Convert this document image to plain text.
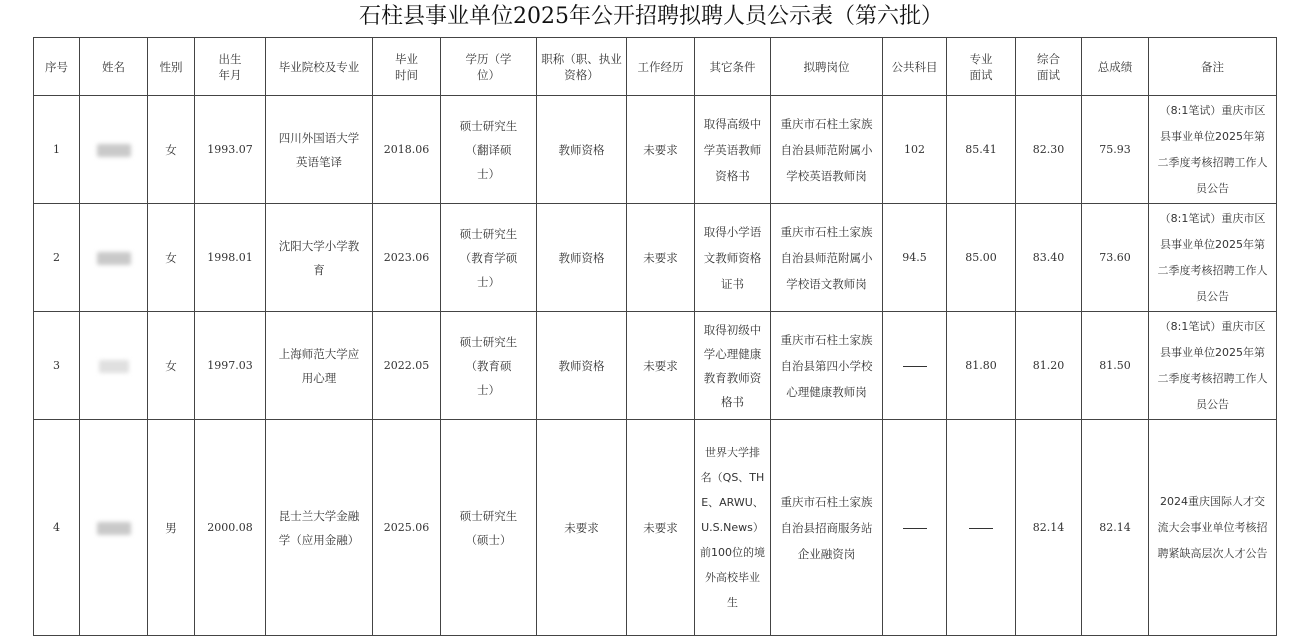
石柱县事业单位2025年公开招聘拟聘人员公示表（第六批）
序号	姓名	性别	出生年月	毕业院校及专业	毕业时间	学历（学位）	职称（职、执业资格）	工作经历	其它条件	拟聘岗位	公共科目	专业面试	综合面试	总成绩	备注
1		女	1993.07	四川外国语大学英语笔译	2018.06	硕士研究生（翻译硕士）	教师资格	未要求	取得高级中学英语教师资格书	重庆市石柱土家族自治县师范附属小学校英语教师岗	102	85.41	82.30	75.93	（8:1笔试）重庆市区县事业单位2025年第二季度考核招聘工作人员公告
2		女	1998.01	沈阳大学小学教育	2023.06	硕士研究生（教育学硕士）	教师资格	未要求	取得小学语文教师资格证书	重庆市石柱土家族自治县师范附属小学校语文教师岗	94.5	85.00	83.40	73.60	（8:1笔试）重庆市区县事业单位2025年第二季度考核招聘工作人员公告
3		女	1997.03	上海师范大学应用心理	2022.05	硕士研究生（教育硕士）	教师资格	未要求	取得初级中学心理健康教育教师资格书	重庆市石柱土家族自治县第四小学校心理健康教师岗		81.80	81.20	81.50	（8:1笔试）重庆市区县事业单位2025年第二季度考核招聘工作人员公告
4		男	2000.08	昆士兰大学金融学（应用金融）	2025.06	硕士研究生（硕士）	未要求	未要求	世界大学排名（QS、THE、ARWU、U.S.News）前100位的境外高校毕业生	重庆市石柱土家族自治县招商服务站企业融资岗			82.14	82.14	2024重庆国际人才交流大会事业单位考核招聘紧缺高层次人才公告
